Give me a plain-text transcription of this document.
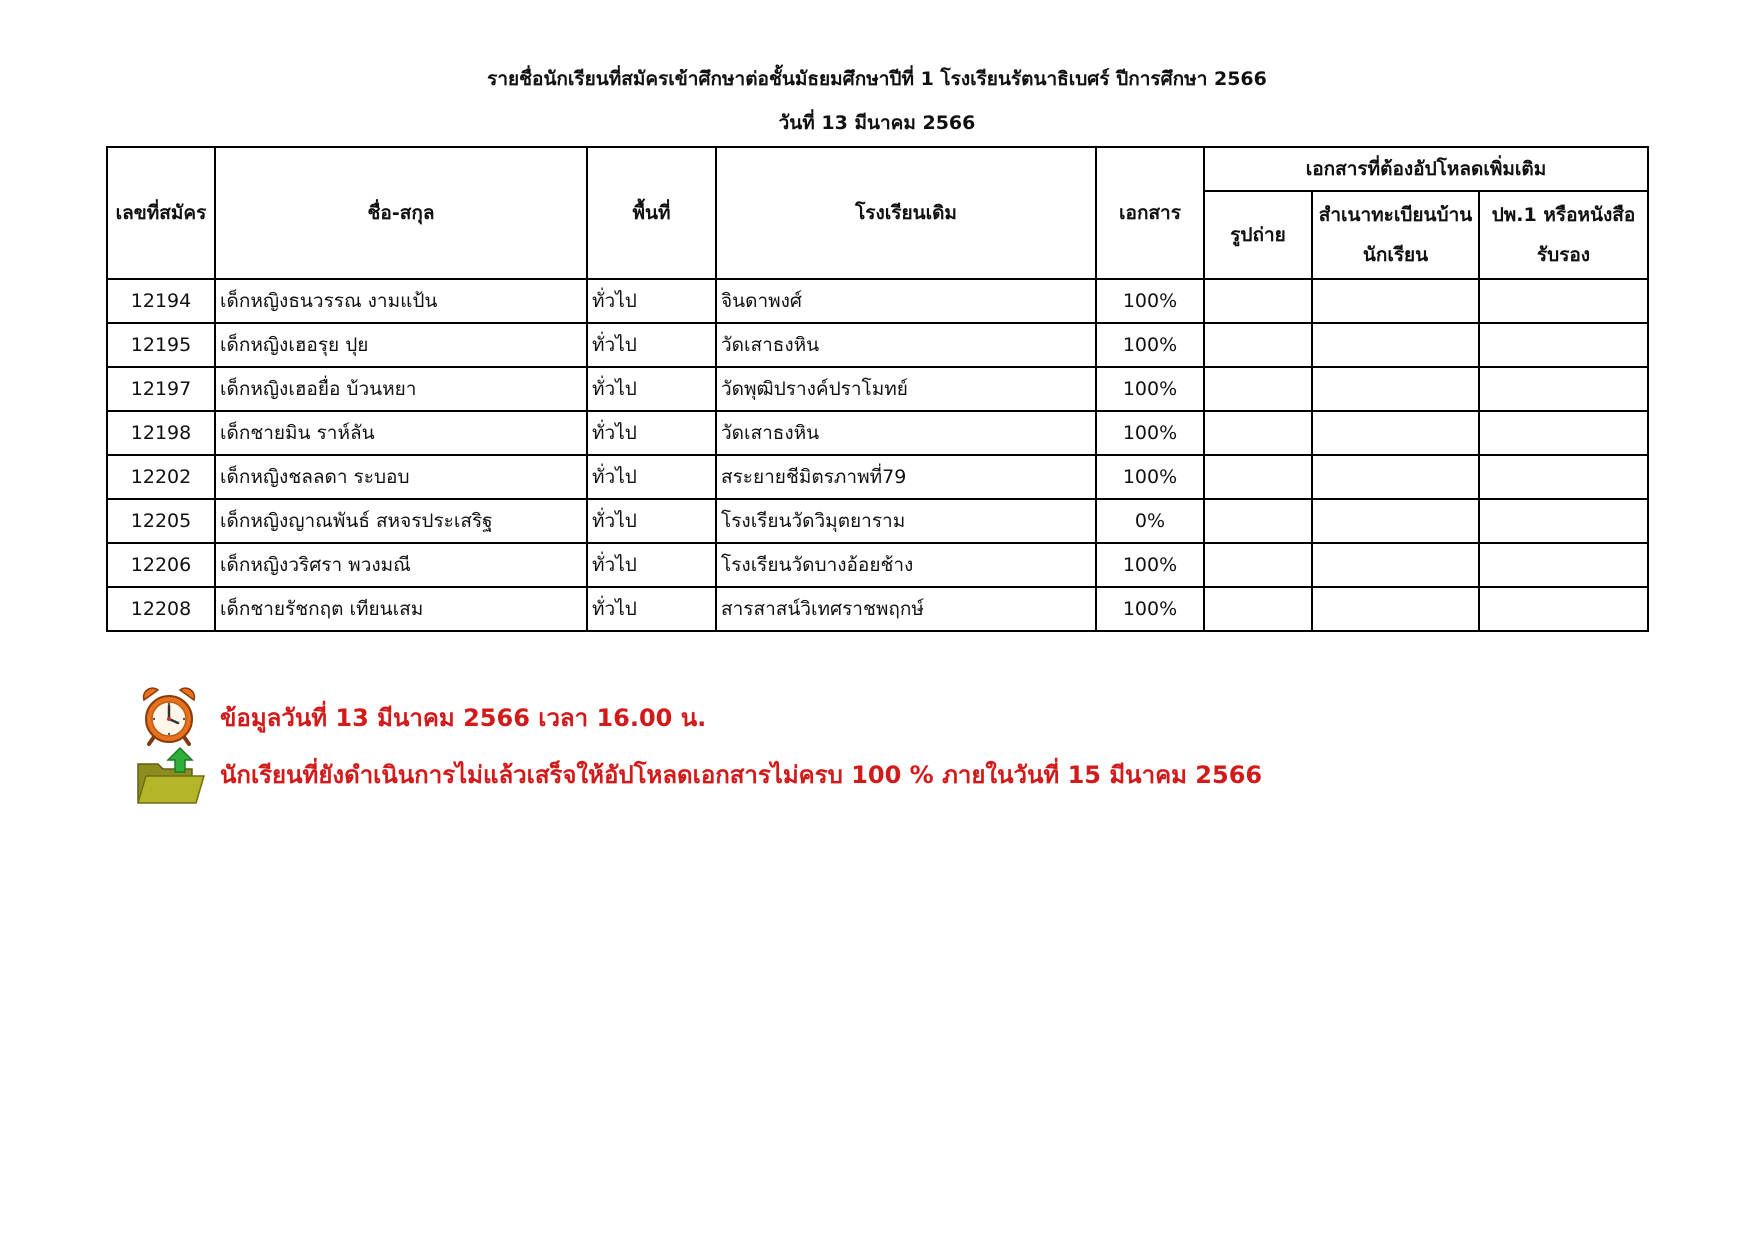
รายชื่อนักเรียนที่สมัครเข้าศึกษาต่อชั้นมัธยมศึกษาปีที่ 1 โรงเรียนรัตนาธิเบศร์ ปีการศึกษา 2566
วันที่ 13 มีนาคม 2566
เลขที่สมัคร	ชื่อ-สกุล	พื้นที่	โรงเรียนเดิม	เอกสาร	เอกสารที่ต้องอัปโหลดเพิ่มเติม		
					รูปถ่าย	สำเนาทะเบียนบ้านนักเรียน	ปพ.1 หรือหนังสือรับรอง
12194	เด็กหญิงธนวรรณ งามแป้น	ทั่วไป	จินดาพงศ์	100%			
12195	เด็กหญิงเฮอรุย ปุย	ทั่วไป	วัดเสาธงหิน	100%			
12197	เด็กหญิงเฮอยื่อ บ้วนหยา	ทั่วไป	วัดพุฒิปรางค์ปราโมทย์	100%			
12198	เด็กชายมิน ราห์ลัน	ทั่วไป	วัดเสาธงหิน	100%			
12202	เด็กหญิงชลลดา ระบอบ	ทั่วไป	สระยายชีมิตรภาพที่79	100%			
12205	เด็กหญิงญาณพันธ์ สหจรประเสริฐ	ทั่วไป	โรงเรียนวัดวิมุตยาราม	0%			
12206	เด็กหญิงวริศรา พวงมณี	ทั่วไป	โรงเรียนวัดบางอ้อยช้าง	100%			
12208	เด็กชายรัชกฤต เทียนเสม	ทั่วไป	สารสาสน์วิเทศราชพฤกษ์	100%			
ข้อมูลวันที่ 13 มีนาคม 2566 เวลา 16.00 น.
นักเรียนที่ยังดำเนินการไม่แล้วเสร็จให้อัปโหลดเอกสารไม่ครบ 100 % ภายในวันที่ 15 มีนาคม 2566
